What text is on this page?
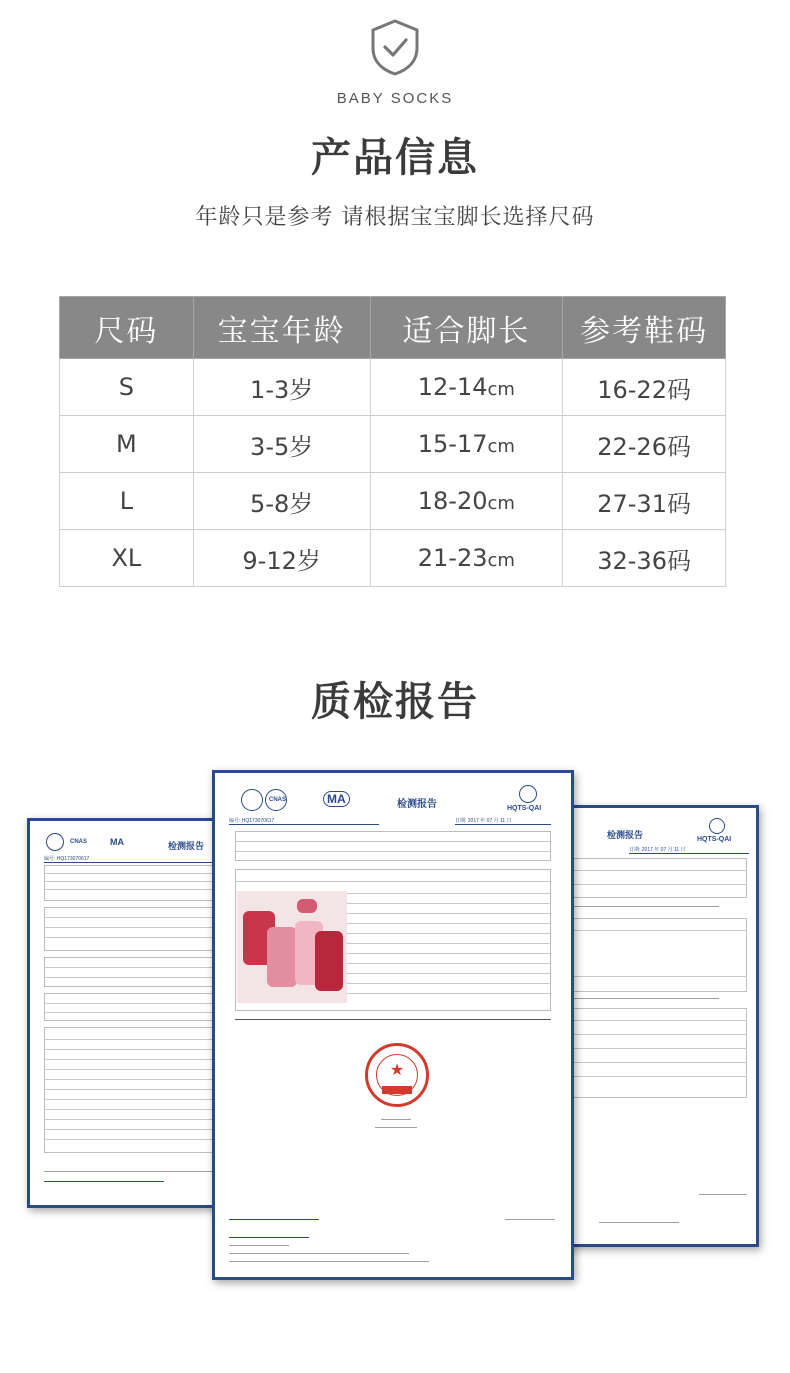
BABY SOCKS
产品信息
年龄只是参考 请根据宝宝脚长选择尺码
尺码	宝宝年龄	适合脚长	参考鞋码
S	1-3岁	12-14cm	16-22码
M	3-5岁	15-17cm	22-26码
L	5-8岁	18-20cm	27-31码
XL	9-12岁	21-23cm	32-36码
质检报告
CNAS	MA	检测报告
编号: HQ173070617
检测报告	HQTS-QAI
日期: 2017 年 07 月 11 日
CNAS	MA	检测报告	HQTS-QAI
编号: HQ173070617	日期: 2017 年 07 月 11 日
★
